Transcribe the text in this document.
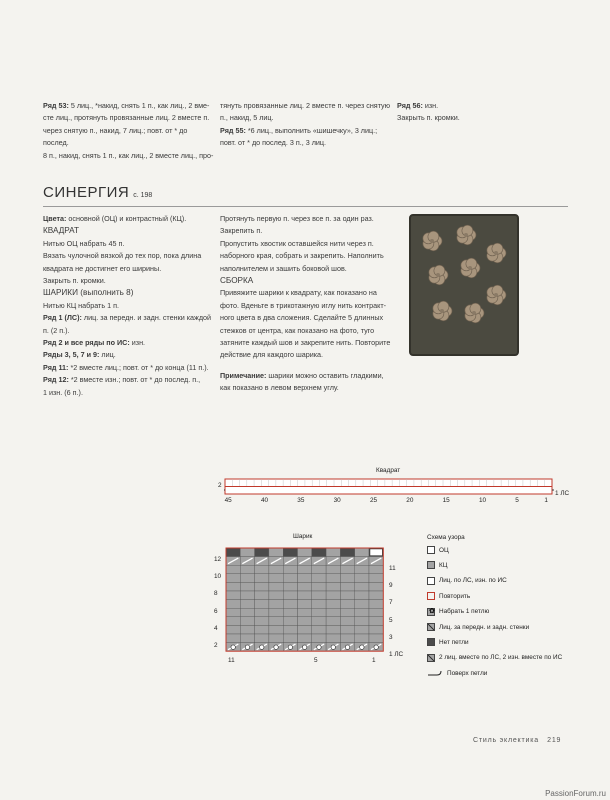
Ряд 53: 5 лиц., *накид, снять 1 п., как лиц., 2 вме-

сте лиц., протянуть провязанные лиц. 2 вместе п.

через снятую п., накид, 7 лиц.; повт. от * до послед.

8 п., накид, снять 1 п., как лиц., 2 вместе лиц., про-

тянуть провязанные лиц. 2 вместе п. через снятую

п., накид, 5 лиц.

Ряд 55: *6 лиц., выполнить «шишечку», 3 лиц.;

повт. от * до послед. 3 п., 3 лиц.

Ряд 56: изн.

Закрыть п. кромки.

СИНЕРГИЯ с. 198

Цвета: основной (ОЦ) и контрастный (КЦ).

КВАДРАТ

Нитью ОЦ набрать 45 п.

Вязать чулочной вязкой до тех пор, пока длина

квадрата не достигнет его ширины.

Закрыть п. кромки.

ШАРИКИ (выполнить 8)

Нитью КЦ набрать 1 п.

Ряд 1 (ЛС): лиц. за передн. и задн. стенки каждой

п. (2 п.).

Ряд 2 и все ряды по ИС: изн.

Ряды 3, 5, 7 и 9: лиц.

Ряд 11: *2 вместе лиц.; повт. от * до конца (11 п.).

Ряд 12: *2 вместе изн.; повт. от * до послед. п.,

1 изн. (6 п.).

Протянуть первую п. через все п. за один раз.

Закрепить п.

Пропустить хвостик оставшейся нити через п.

наборного края, собрать и закрепить. Наполнить

наполнителем и зашить боковой шов.

СБОРКА

Привяжите шарики к квадрату, как показано на

фото. Вденьте в трикотажную иглу нить контракт-

ного цвета в два сложения. Сделайте 5 длинных

стежков от центра, как показано на фото, туго

затяните каждый шов и закрепите нить. Повторите

действие для каждого шарика.

Примечание: шарики можно оставить гладкими,

как показано в левом верхнем углу.

Квадрат
2
1 ЛС
45	40	35	30	25	20	15	10	5	1
Шарик
12
10
8
6
4
2
11
9
7
5
3
1 ЛС
11	5	1
Схема узора
ОЦ
КЦ
Лиц. по ЛС, изн. по ИС
Повторить
✿ Набрать 1 петлю
Лиц. за передн. и задн. стенки
Нет петли
2 лиц. вместе по ЛС, 2 изн. вместе по ИС
Поверх петли
Стиль эклектика 219
PassionForum.ru
